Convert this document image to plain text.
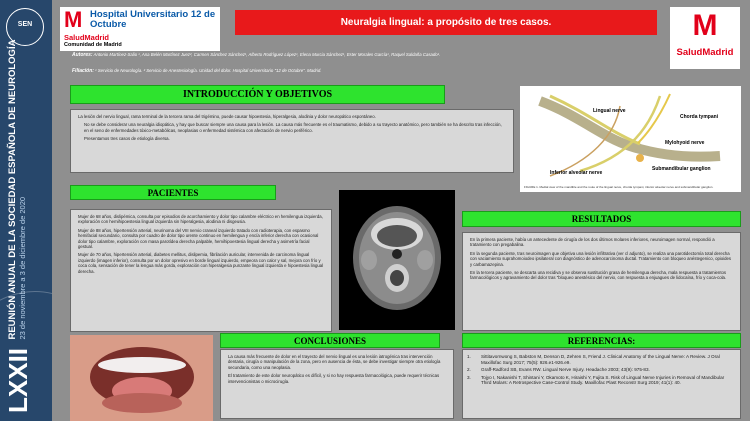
SEN
LXXII
REUNIÓN ANUAL DE LA SOCIEDAD ESPAÑOLA DE NEUROLOGÍA 23 de noviembre a 3 de diciembre de 2020
M Hospital Universitario 12 de Octubre
SaludMadrid
Comunidad de Madrid
M
SaludMadrid
Neuralgia lingual: a propósito de tres casos.
Autores: Antonio Martínez-Salio ¹, Ana Belén Martínez Juez², Carmen Sánchez Sánchez¹, Alberto Rodríguez López¹, Elena Murcia Sánchez¹, Ester Morales García¹, Raquel Saldaña Casado¹.
Filiación: ¹ Servicio de Neurología. ² Servicio de Anestesiología. Unidad del dolor. Hospital Universitario "12 de Octubre". Madrid.
INTRODUCCIÓN Y OBJETIVOS

La lesión del nervio lingual, rama terminal de la tercera rama del trigémino, puede causar hipoestesia, hiperalgesia, alodinia y dolor neuropático espontáneo.

No se debe considerar una neuralgia idiopática, y hay que buscar siempre una causa para la lesión. La causa más frecuente es el traumatismo, debido a su trayecto anatómico, pero también se ha descrito tras infección, en el seno de enfermedades tóxico-metabólicas, neoplasias o enfermedad sistémica con afectación de nervio periférico.

Presentamos tres casos de etiología diversa.

Lingual nerve
Chorda tympani
Mylohyoid nerve
Inferior alveolar nerve
Submandibular ganglion
FIGURE 1. Medial view of the mandible and the route of the lingual nerve, chorda tympani, inferior alveolar nerve and submandibular ganglion.
PACIENTES

Mujer de 68 años, dislipémica, consulta por episodios de acorchamiento y dolor tipo calambre eléctrico en hemilengua izquierda, exploración con hemihipoestesia lingual izquierda sin hiperalgesia, alodinia ni disgeusia.

Mujer de 88 años, hipertensión arterial, neurinoma del VIII nervio craneal izquierdo tratado con radioterapia, con espasmo hemifacial secundario, consulta por cuadro de dolor tipo urente continuo en hemilengua y encía inferior derecha con ocasional dolor tipo calambre, exploración con masa parotídea derecha palpable, hemihipoestesia lingual derecha y asimetría facial gestual.

Mujer de 70 años, hipertensión arterial, diabetes mellitus, dislipemia, fibrilación auricular, intervenida de carcinoma lingual izquierdo (imagen inferior), consulta por un dolor opresivo en borde lingual izquierdo, empeora con calor y sal, mejora con frío y coca cola, sensación de tener la lengua más gorda, exploración con hiperalgesia punzante lingual izquierda e hipoestesia lingual derecha.

RESULTADOS

En la primera paciente, había un antecedente de cirugía de los dos últimos molares inferiores, neuroimagen normal, respondió a tratamiento con pregabalina.

En la segunda paciente, tras neuroimagen que objetiva una lesión infiltrativa (ver cl adjunto), se realiza una parotidectomía total derecha con vaciamiento suprahomoiodeo ipsilateral con diagnóstico de adenocarcinoma ductal. Tratamiento con bloqueo anéstegenico, opioides y carbamazepina.

En la tercera paciente, se descarta una recidiva y se observa sustitución grasa de hemilengua derecha, mala respuesta a tratamientos farmacológicos y agravamiento del dolor tras "bloqueo anestésico del nervio, con respuesta a enjuagues de lidocaína, frío y coca-cola.

CONCLUSIONES

La causa más frecuente de dolor en el trayecto del nervio lingual es una lesión iatrogénica tras intervención dentaria, cirugía o manipulación de la zona, pero en ausencia de ésta, se debe investigar siempre otra etiología secundaria, como una neoplasia.

El tratamiento de este dolor neuropático es difícil, y si no hay respuesta farmacológica, puede requerir técnicas intervencionistas o microcirugía.

REFERENCIAS:
1.	Sittitavornwong S, Babston M, Denson D, Zehren S, Friend J. Clinical Anatomy of the Lingual Nerve: A Review. J Oral Maxillofac Surg 2017; 75(5): 926.e1-926.e9.
2.	Graff-Radford SB, Evans RW. Lingual Nerve Injury. Headache 2003; 43(9): 975-83.
3.	Tojyo I, Nakanishi T, Shintani Y, Okamoto K, Hiraishi Y, Fujita S. Risk of Lingual Nerve Injuries in Removal of Mandibular Third Molars: A Retrospective Case-Control Study. Maxillofac Plast Reconstr Surg 2019; 41(1): 40.
